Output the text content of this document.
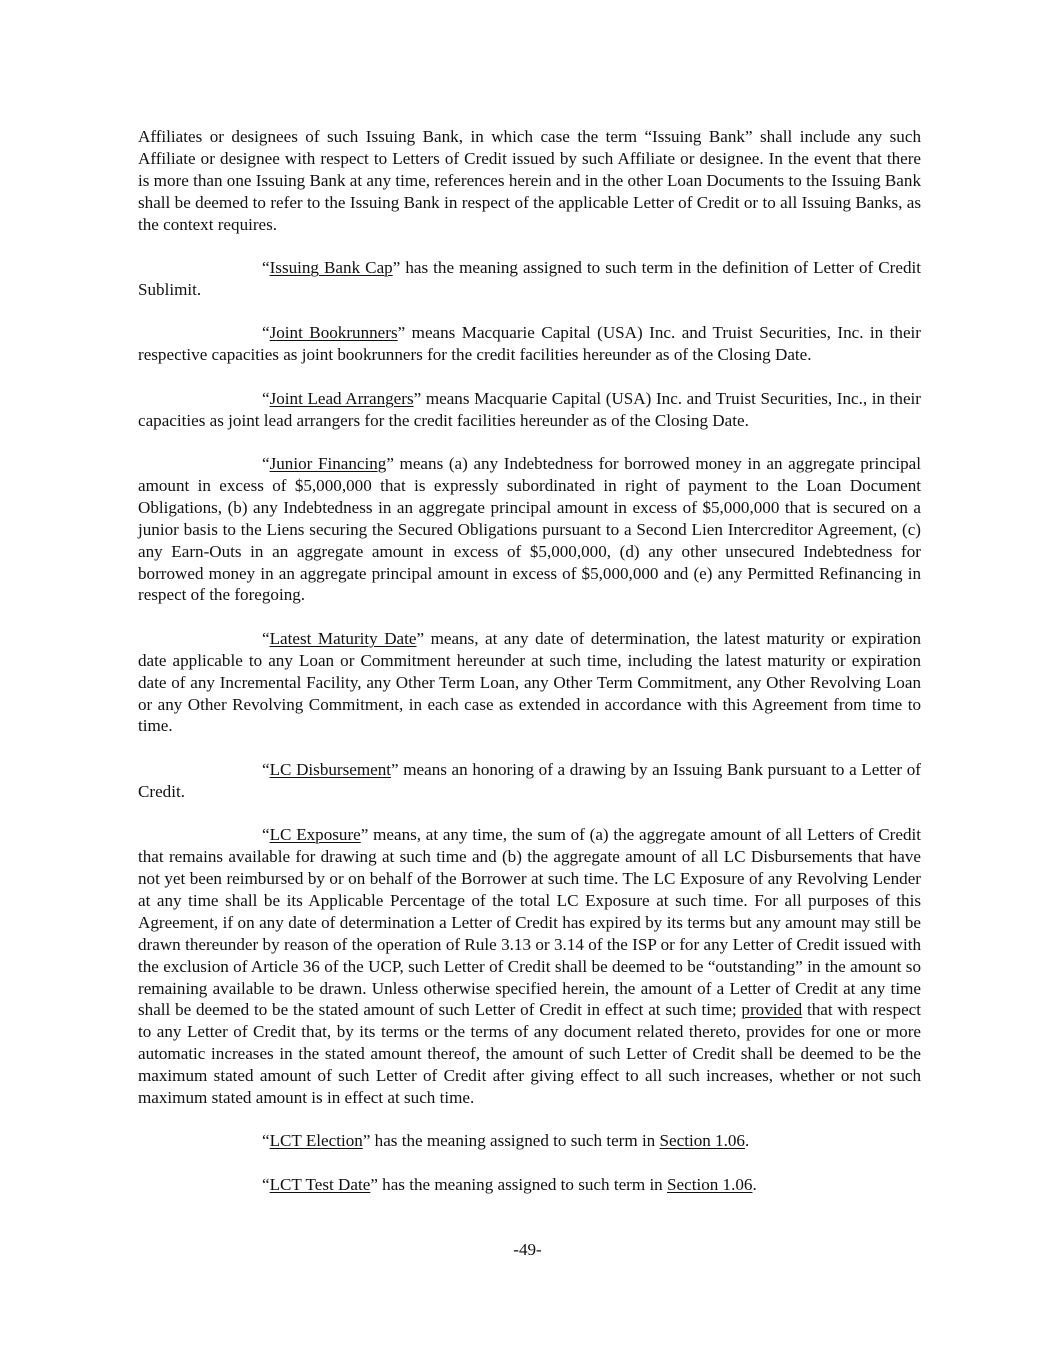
Affiliates or designees of such Issuing Bank, in which case the term “Issuing Bank” shall include any such Affiliate or designee with respect to Letters of Credit issued by such Affiliate or designee. In the event that there is more than one Issuing Bank at any time, references herein and in the other Loan Documents to the Issuing Bank shall be deemed to refer to the Issuing Bank in respect of the applicable Letter of Credit or to all Issuing Banks, as the context requires.

“Issuing Bank Cap” has the meaning assigned to such term in the definition of Letter of Credit Sublimit.

“Joint Bookrunners” means Macquarie Capital (USA) Inc. and Truist Securities, Inc. in their respective capacities as joint bookrunners for the credit facilities hereunder as of the Closing Date.

“Joint Lead Arrangers” means Macquarie Capital (USA) Inc. and Truist Securities, Inc., in their capacities as joint lead arrangers for the credit facilities hereunder as of the Closing Date.

“Junior Financing” means (a) any Indebtedness for borrowed money in an aggregate principal amount in excess of $5,000,000 that is expressly subordinated in right of payment to the Loan Document Obligations, (b) any Indebtedness in an aggregate principal amount in excess of $5,000,000 that is secured on a junior basis to the Liens securing the Secured Obligations pursuant to a Second Lien Intercreditor Agreement, (c) any Earn-Outs in an aggregate amount in excess of $5,000,000, (d) any other unsecured Indebtedness for borrowed money in an aggregate principal amount in excess of $5,000,000 and (e) any Permitted Refinancing in respect of the foregoing.

“Latest Maturity Date” means, at any date of determination, the latest maturity or expiration date applicable to any Loan or Commitment hereunder at such time, including the latest maturity or expiration date of any Incremental Facility, any Other Term Loan, any Other Term Commitment, any Other Revolving Loan or any Other Revolving Commitment, in each case as extended in accordance with this Agreement from time to time.

“LC Disbursement” means an honoring of a drawing by an Issuing Bank pursuant to a Letter of Credit.

“LC Exposure” means, at any time, the sum of (a) the aggregate amount of all Letters of Credit that remains available for drawing at such time and (b) the aggregate amount of all LC Disbursements that have not yet been reimbursed by or on behalf of the Borrower at such time. The LC Exposure of any Revolving Lender at any time shall be its Applicable Percentage of the total LC Exposure at such time. For all purposes of this Agreement, if on any date of determination a Letter of Credit has expired by its terms but any amount may still be drawn thereunder by reason of the operation of Rule 3.13 or 3.14 of the ISP or for any Letter of Credit issued with the exclusion of Article 36 of the UCP, such Letter of Credit shall be deemed to be “outstanding” in the amount so remaining available to be drawn. Unless otherwise specified herein, the amount of a Letter of Credit at any time shall be deemed to be the stated amount of such Letter of Credit in effect at such time; provided that with respect to any Letter of Credit that, by its terms or the terms of any document related thereto, provides for one or more automatic increases in the stated amount thereof, the amount of such Letter of Credit shall be deemed to be the maximum stated amount of such Letter of Credit after giving effect to all such increases, whether or not such maximum stated amount is in effect at such time.

“LCT Election” has the meaning assigned to such term in Section 1.06.

“LCT Test Date” has the meaning assigned to such term in Section 1.06.

-49-
